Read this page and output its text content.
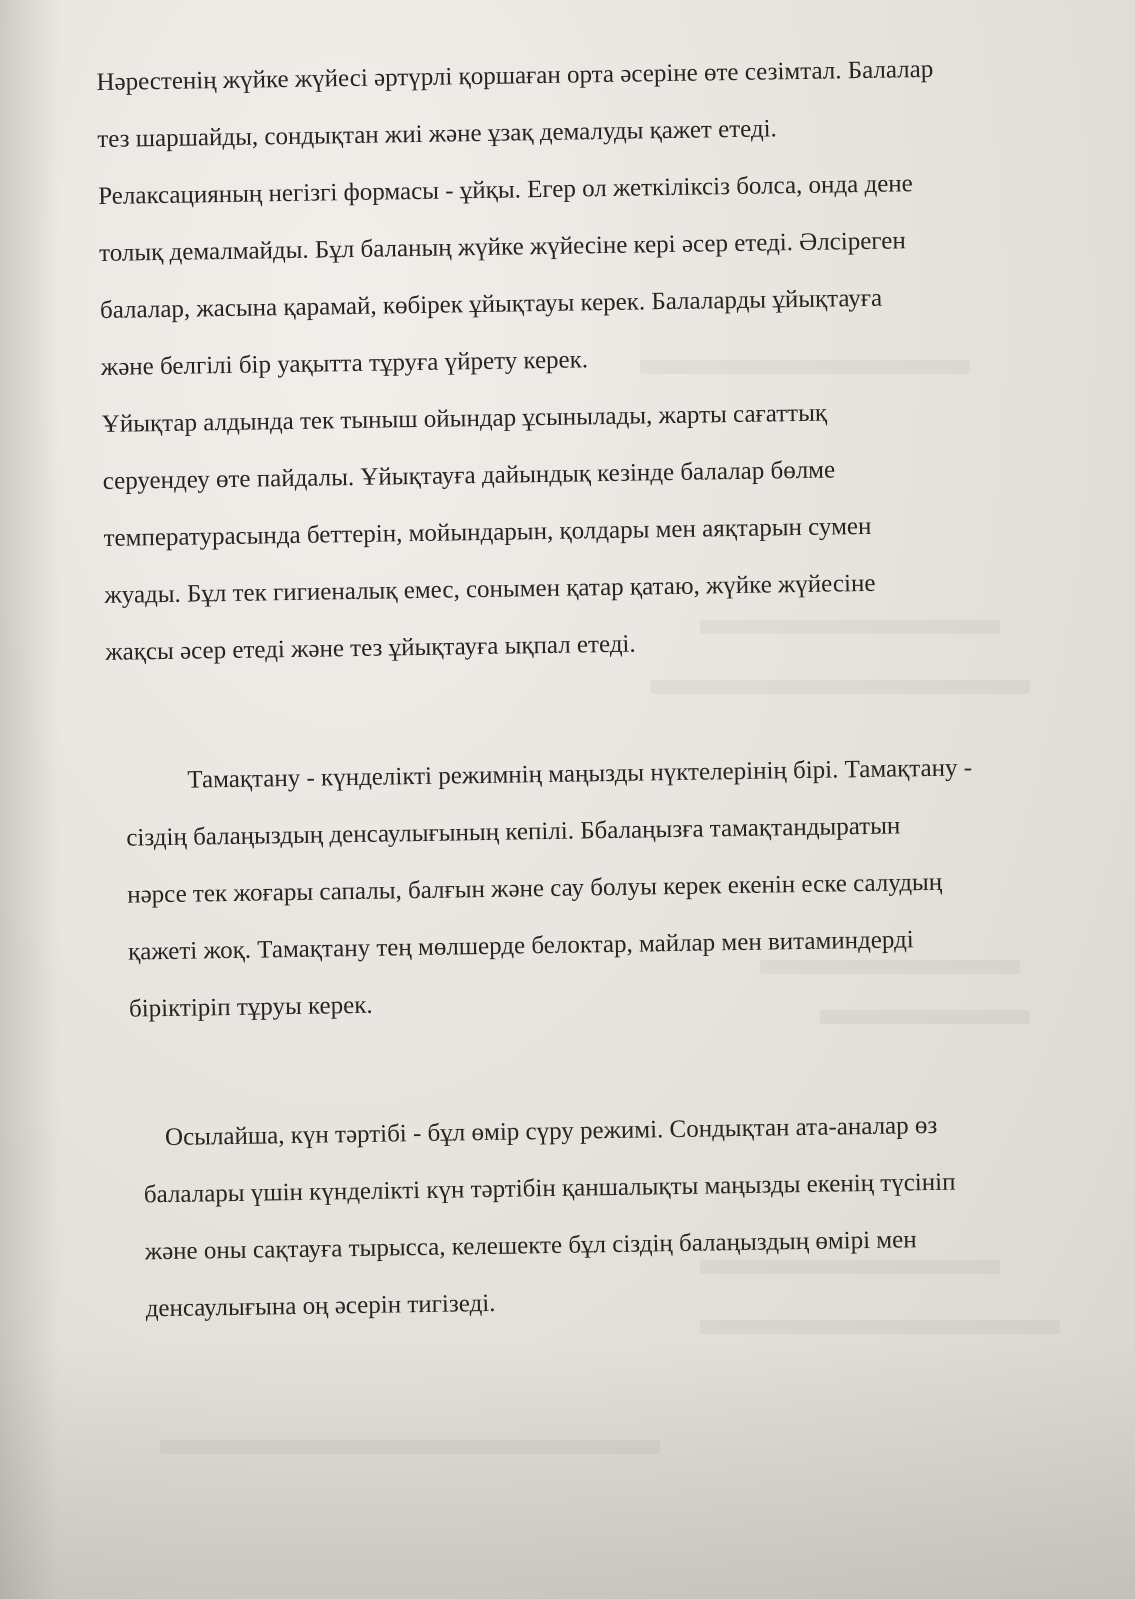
Нәрестенің жүйке жүйесі әртүрлі қоршаған орта әсеріне өте сезімтал. Балалар
тез шаршайды, сондықтан жиі және ұзақ демалуды қажет етеді.
Релаксацияның негізгі формасы - ұйқы. Егер ол жеткіліксіз болса, онда дене
толық демалмайды. Бұл баланың жүйке жүйесіне кері әсер етеді. Әлсіреген
балалар, жасына қарамай, көбірек ұйықтауы керек. Балаларды ұйықтауға
және белгілі бір уақытта тұруға үйрету керек.
Ұйықтар алдында тек тыныш ойындар ұсынылады, жарты сағаттық
серуендеу өте пайдалы. Ұйықтауға дайындық кезінде балалар бөлме
температурасында беттерін, мойындарын, қолдары мен аяқтарын сумен
жуады. Бұл тек гигиеналық емес, сонымен қатар қатаю, жүйке жүйесіне
жақсы әсер етеді және тез ұйықтауға ықпал етеді.
Тамақтану - күнделікті режимнің маңызды нүктелерінің бірі. Тамақтану -
сіздің балаңыздың денсаулығының кепілі. Ббалаңызға тамақтандыратын
нәрсе тек жоғары сапалы, балғын және сау болуы керек екенін еске салудың
қажеті жоқ. Тамақтану тең мөлшерде белоктар, майлар мен витаминдерді
біріктіріп тұруы керек.
Осылайша, күн тәртібі - бұл өмір сүру режимі. Сондықтан ата-аналар өз
балалары үшін күнделікті күн тәртібін қаншалықты маңызды екенің түсініп
және оны сақтауға тырысса, келешекте бұл сіздің балаңыздың өмірі мен
денсаулығына оң әсерін тигізеді.
